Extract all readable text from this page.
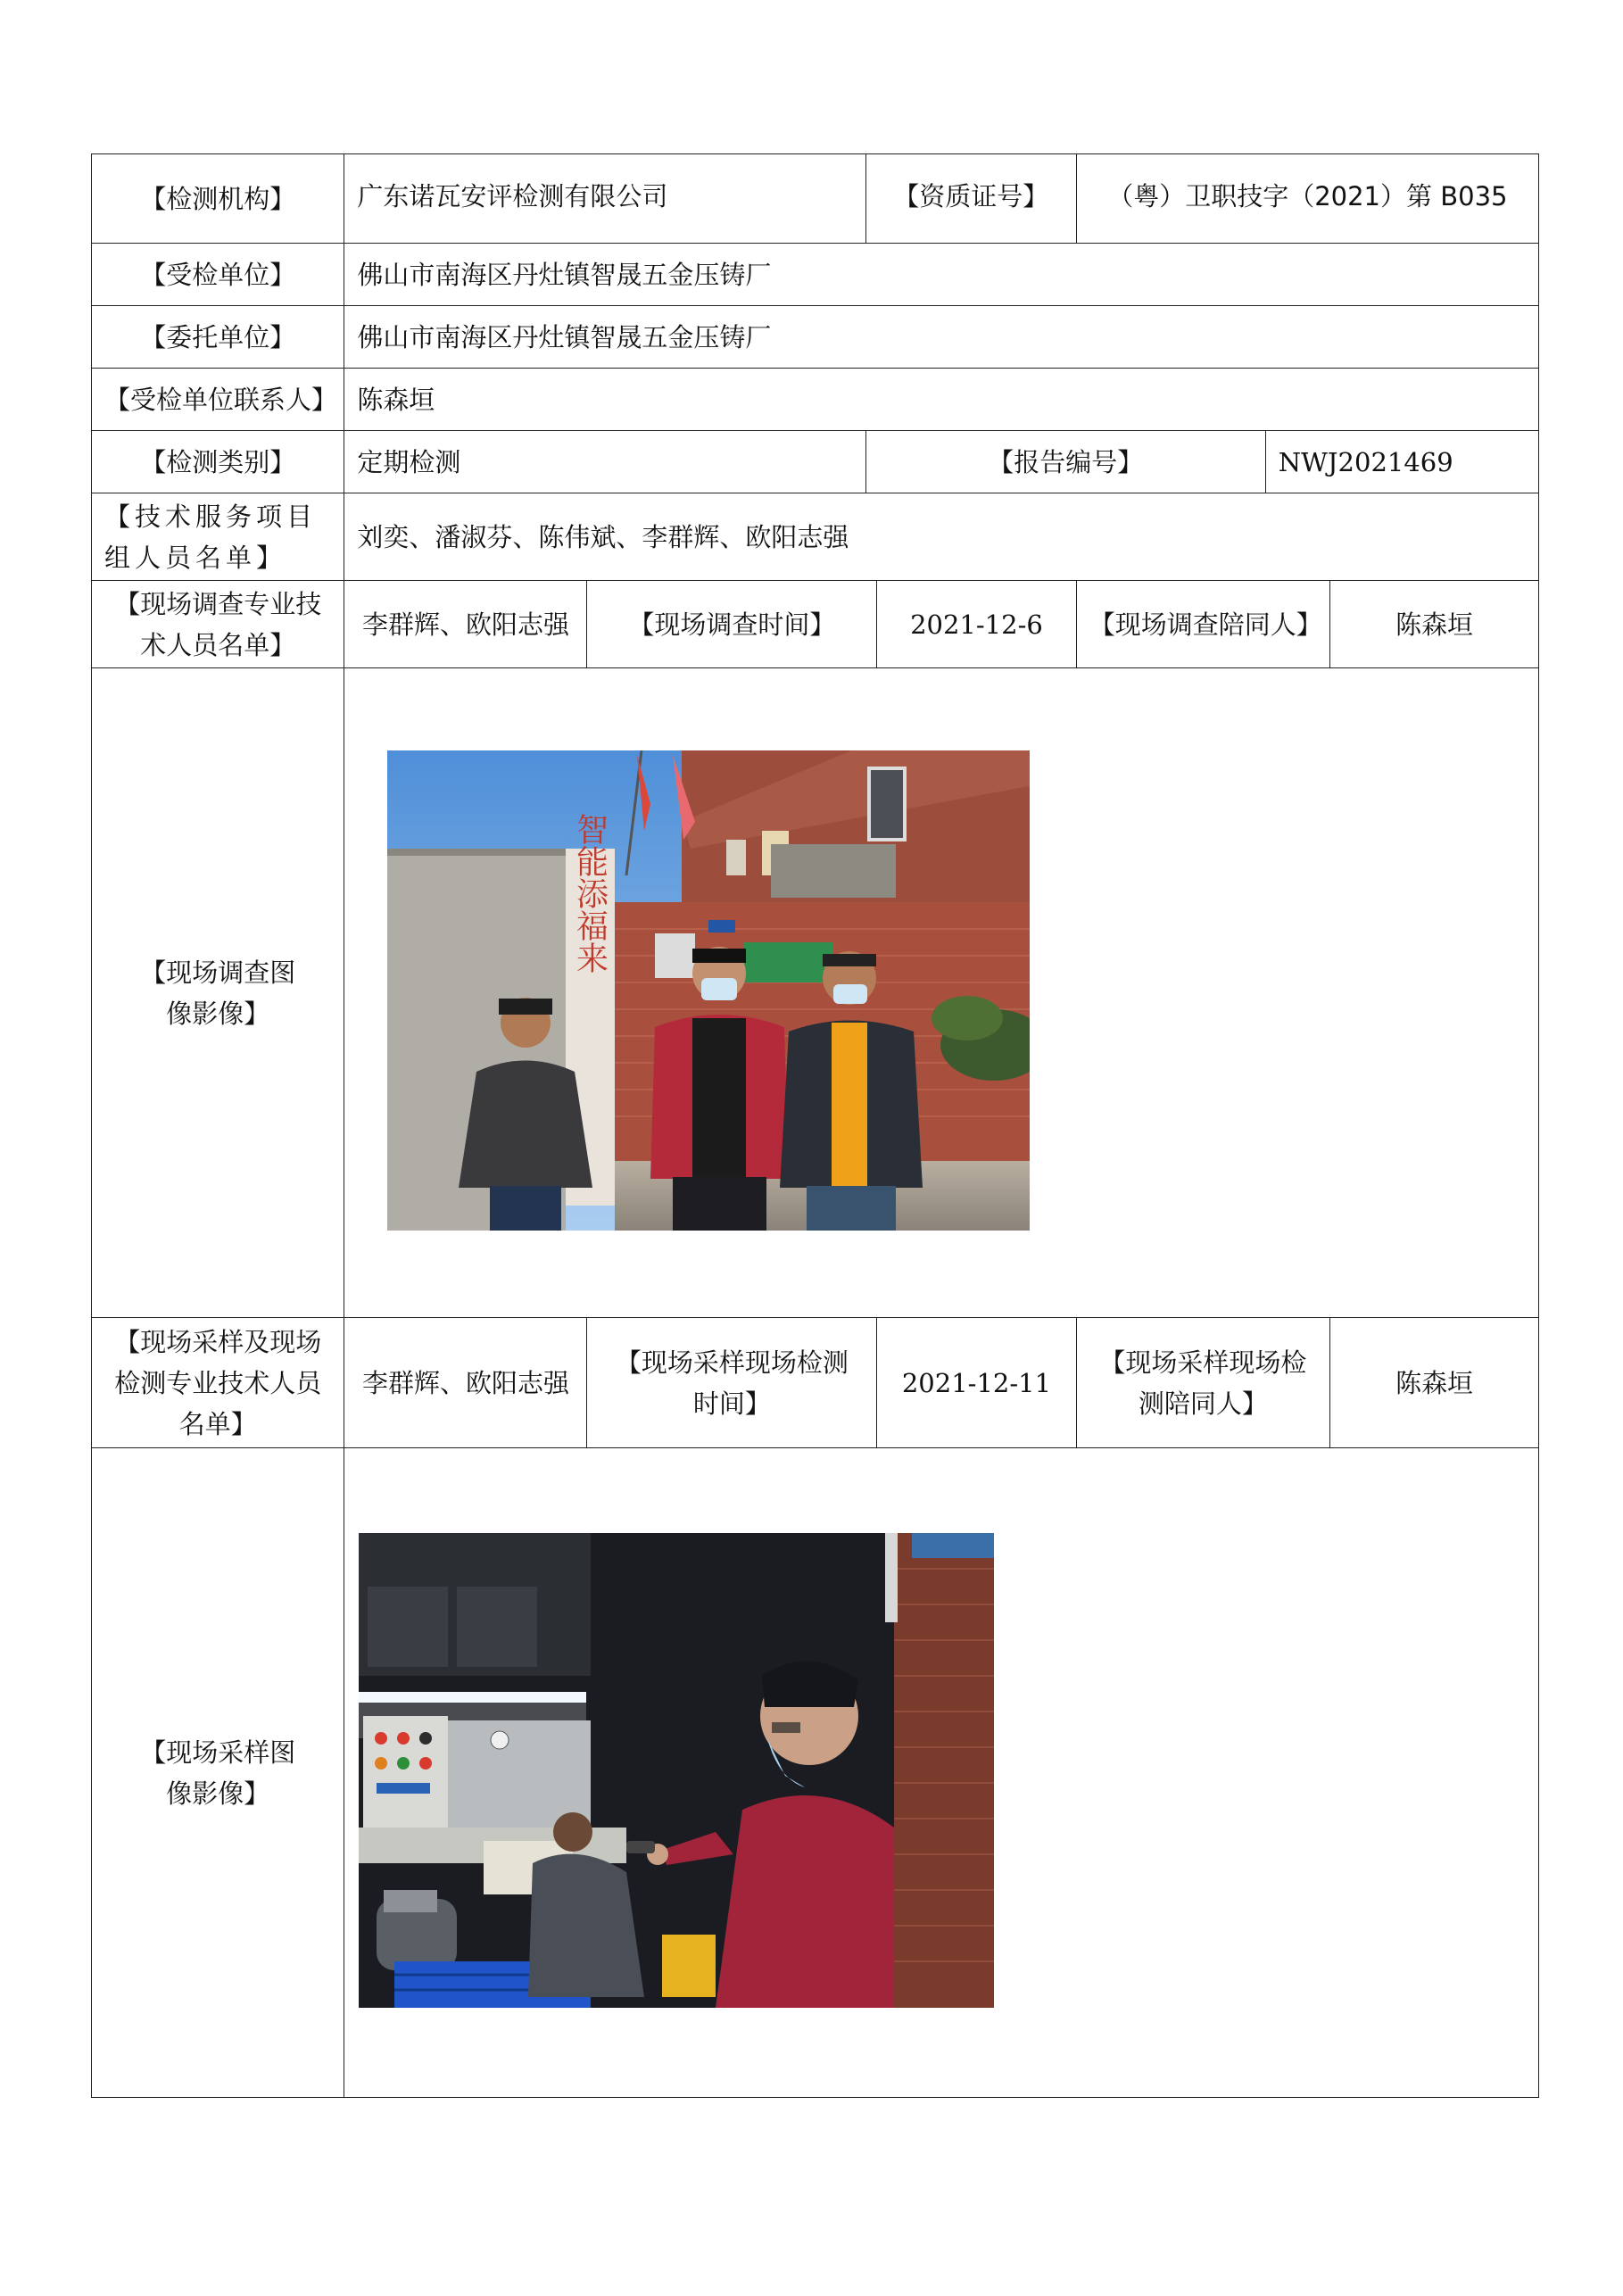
【检测机构】	广东诺瓦安评检测有限公司		【资质证号】		（粤）卫职技字（2021）第 B035		
【受检单位】	佛山市南海区丹灶镇智晟五金压铸厂						
【委托单位】	佛山市南海区丹灶镇智晟五金压铸厂						
【受检单位联系人】	陈森垣						
【检测类别】	定期检测		【报告编号】			NWJ2021469	
【技术服务项目组人员名单】	刘奕、潘淑芬、陈伟斌、李群辉、欧阳志强						
【现场调查专业技术人员名单】	李群辉、欧阳志强	【现场调查时间】		2021-12-6	【现场调查陪同人】		陈森垣
【现场调查图像影像】	智能添福来						

【现场采样及现场检测专业技术人员名单】	李群辉、欧阳志强	【现场采样现场检测时间】		2021-12-11	【现场采样现场检测陪同人】		陈森垣
【现场采样图像影像】	
